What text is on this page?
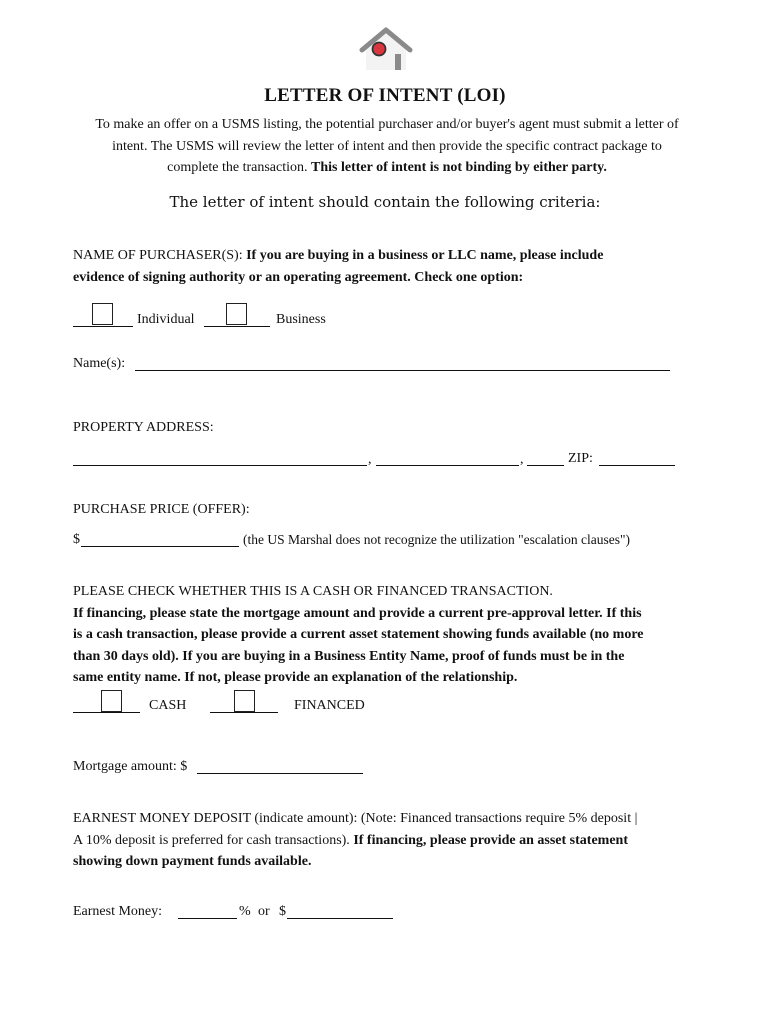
LETTER OF INTENT (LOI)
To make an offer on a USMS listing, the potential purchaser and/or buyer's agent must submit a letter of
intent. The USMS will review the letter of intent and then provide the specific contract package to
complete the transaction. This letter of intent is not binding by either party.
The letter of intent should contain the following criteria:
NAME OF PURCHASER(S): If you are buying in a business or LLC name, please include
evidence of signing authority or an operating agreement. Check one option:
Individual	Business
Name(s):
PROPERTY ADDRESS:
,	,	ZIP:
PURCHASE PRICE (OFFER):
$	(the US Marshal does not recognize the utilization "escalation clauses")
PLEASE CHECK WHETHER THIS IS A CASH OR FINANCED TRANSACTION.
If financing, please state the mortgage amount and provide a current pre-approval letter. If this
is a cash transaction, please provide a current asset statement showing funds available (no more
than 30 days old). If you are buying in a Business Entity Name, proof of funds must be in the
same entity name. If not, please provide an explanation of the relationship.
CASH	FINANCED
Mortgage amount: $
EARNEST MONEY DEPOSIT (indicate amount): (Note: Financed transactions require 5% deposit |
A 10% deposit is preferred for cash transactions). If financing, please provide an asset statement
showing down payment funds available.
Earnest Money:	% or $
